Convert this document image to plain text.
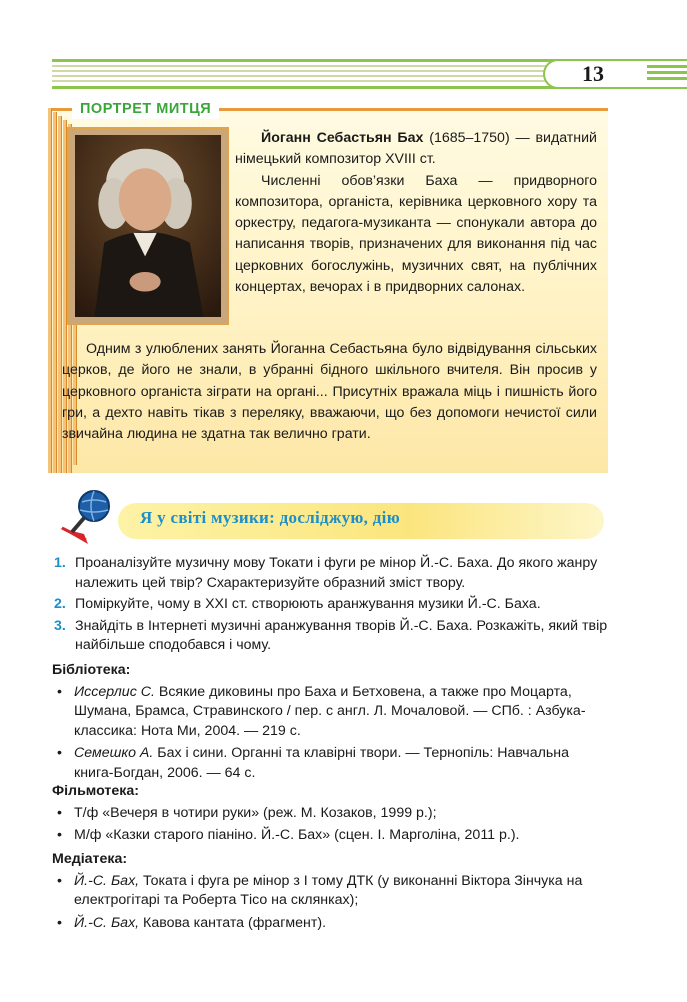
13
ПОРТРЕТ МИТЦЯ

Йоганн Себастьян Бах (1685–1750) — видатний німецький композитор XVIII ст.

Численні обов’язки Баха — придворного композитора, органіста, керівника церковного хору та оркестру, педагога-музиканта — спонукали автора до написання творів, призначених для виконання під час церковних богослужінь, музичних свят, на публічних концертах, вечорах і в придворних салонах.

Одним з улюблених занять Йоганна Себастьяна було відвідування сільських церков, де його не знали, в убранні бідного шкільного вчителя. Він просив у церковного органіста зіграти на органі... Присутніх вражала міць і пишність його гри, а дехто навіть тікав з переляку, вважаючи, що без допомоги нечистої сили звичайна людина не здатна так велично грати.

Я у світі музики: досліджую, дію
1. Проаналізуйте музичну мову Токати і фуги ре мінор Й.-С. Баха. До якого жанру належить цей твір? Схарактеризуйте образний зміст твору.
2. Поміркуйте, чому в XXI ст. створюють аранжування музики Й.-С. Баха.
3. Знайдіть в Інтернеті музичні аранжування творів Й.-С. Баха. Розкажіть, який твір найбільше сподобався і чому.
Бібліотека:
• Иссерлис С. Всякие диковины про Баха и Бетховена, а также про Моцарта, Шумана, Брамса, Стравинского / пер. с англ. Л. Мочаловой. — СПб. : Азбука-классика: Нота Ми, 2004. — 219 с.
• Семешко А. Бах і сини. Органні та клавірні твори. — Тернопіль: Навчальна книга-Богдан, 2006. — 64 с.
Фільмотека:
• Т/ф «Вечеря в чотири руки» (реж. М. Козаков, 1999 р.);
• М/ф «Казки старого піаніно. Й.-С. Бах» (сцен. І. Марголіна, 2011 р.).
Медіатека:
• Й.-С. Бах, Токата і фуга ре мінор з І тому ДТК (у виконанні Віктора Зінчука на електрогітарі та Роберта Тісо на склянках);
• Й.-С. Бах, Кавова кантата (фрагмент).
